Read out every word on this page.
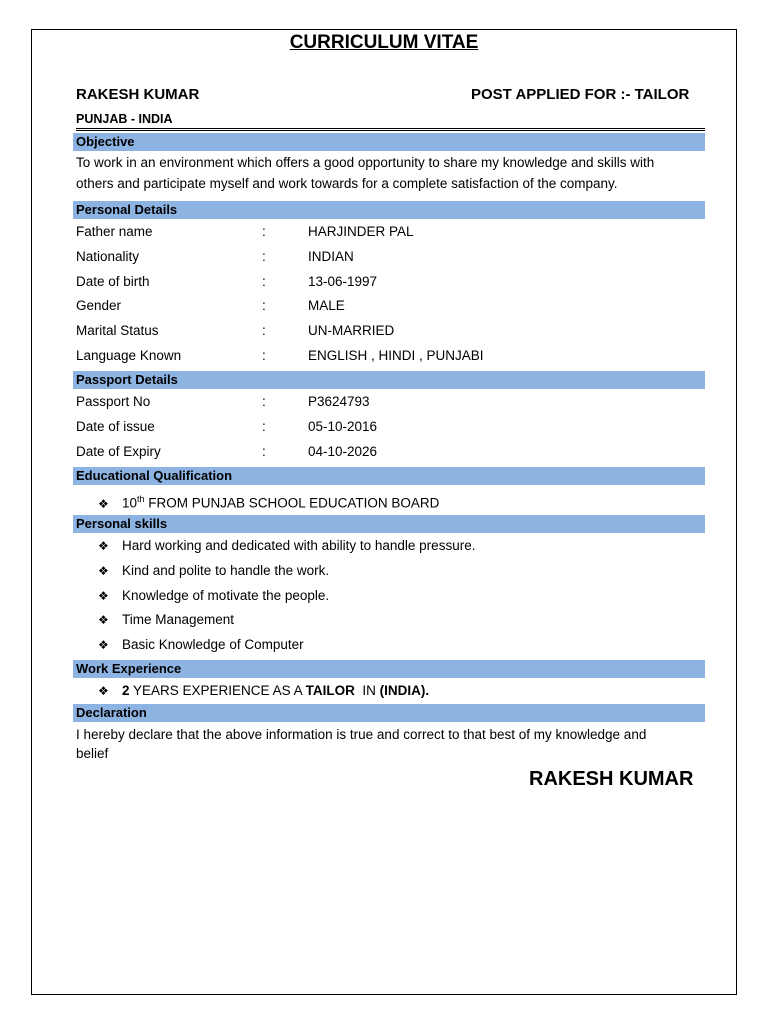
CURRICULUM VITAE
RAKESH KUMAR	POST APPLIED FOR :- TAILOR
PUNJAB - INDIA
Objective
To work in an environment which offers a good opportunity to share my knowledge and skills with
others and participate myself and work towards for a complete satisfaction of the company.
Personal Details
Father name	:	HARJINDER PAL
Nationality	:	INDIAN
Date of birth	:	13-06-1997
Gender	:	MALE
Marital Status	:	UN-MARRIED
Language Known	:	ENGLISH , HINDI , PUNJABI
Passport Details
Passport No	:	P3624793
Date of issue	:	05-10-2016
Date of Expiry	:	04-10-2026
Educational Qualification
❖ 10th FROM PUNJAB SCHOOL EDUCATION BOARD
Personal skills
❖ Hard working and dedicated with ability to handle pressure.
❖ Kind and polite to handle the work.
❖ Knowledge of motivate the people.
❖ Time Management
❖ Basic Knowledge of Computer
Work Experience
❖ 2 YEARS EXPERIENCE AS A TAILOR  IN (INDIA).
Declaration
I hereby declare that the above information is true and correct to that best of my knowledge and
belief
RAKESH KUMAR
